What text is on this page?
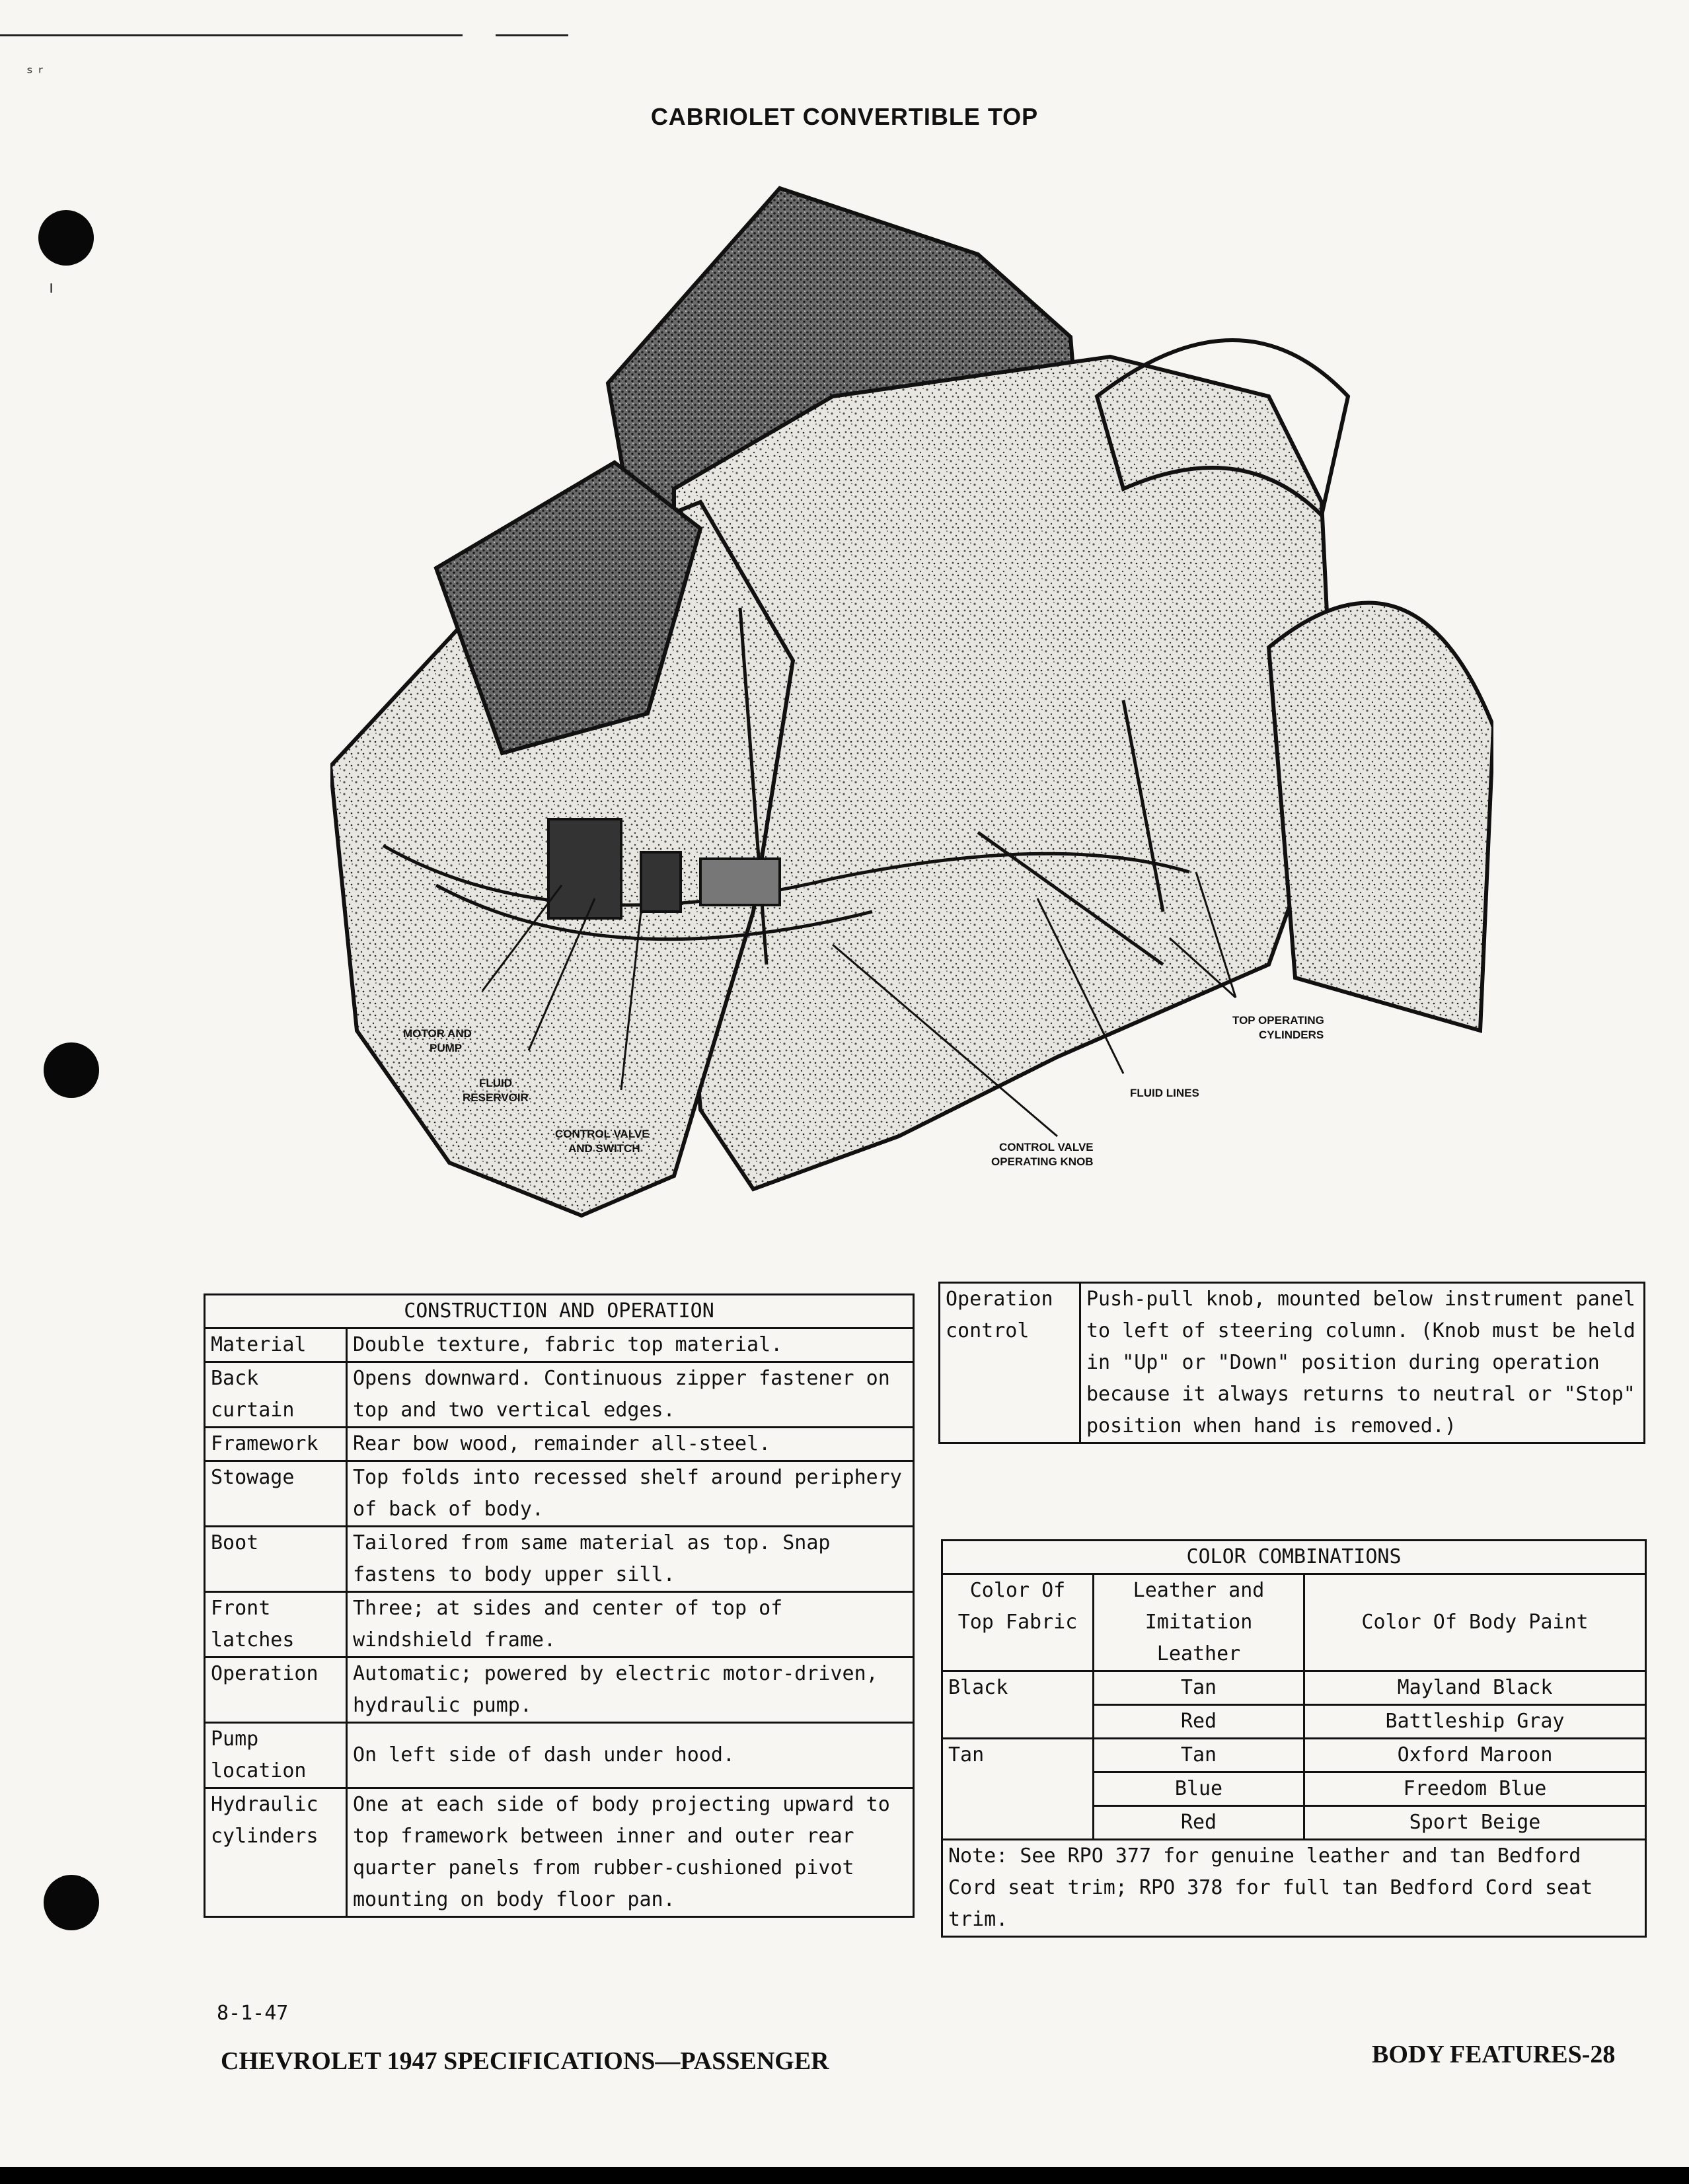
ˢ ʳ
ı
CABRIOLET CONVERTIBLE TOP
MOTOR AND
PUMP
FLUID
RESERVOIR
CONTROL VALVE
AND SWITCH	CONTROL VALVE
OPERATING KNOB
FLUID LINES
TOP OPERATING
CYLINDERS
CONSTRUCTION AND OPERATION	
Material	Double texture, fabric top material.
Back curtain	Opens downward. Continuous zipper fastener on top and two vertical edges.
Framework	Rear bow wood, remainder all-steel.
Stowage	Top folds into recessed shelf around periphery of back of body.
Boot	Tailored from same material as top. Snap fastens to body upper sill.
Front latches	Three; at sides and center of top of windshield frame.
Operation	Automatic; powered by electric motor-driven, hydraulic pump.
Pump location	On left side of dash under hood.
Hydraulic cylinders	One at each side of body projecting upward to top framework between inner and outer rear quarter panels from rubber-cushioned pivot mounting on body floor pan.
Operation control	Push-pull knob, mounted below instrument panel to left of steering column. (Knob must be held in "Up" or "Down" position during operation because it always returns to neutral or "Stop" position when hand is removed.)
COLOR COMBINATIONS		
Color Of Top Fabric	Leather and Imitation Leather	Color Of Body Paint
Black	Tan	Mayland Black
	Red	Battleship Gray
Tan	Tan	Oxford Maroon
	Blue	Freedom Blue
	Red	Sport Beige
Note: See RPO 377 for genuine leather and tan Bedford Cord seat trim; RPO 378 for full tan Bedford Cord seat trim.		
8-1-47
CHEVROLET 1947 SPECIFICATIONS—PASSENGER	BODY FEATURES-28
